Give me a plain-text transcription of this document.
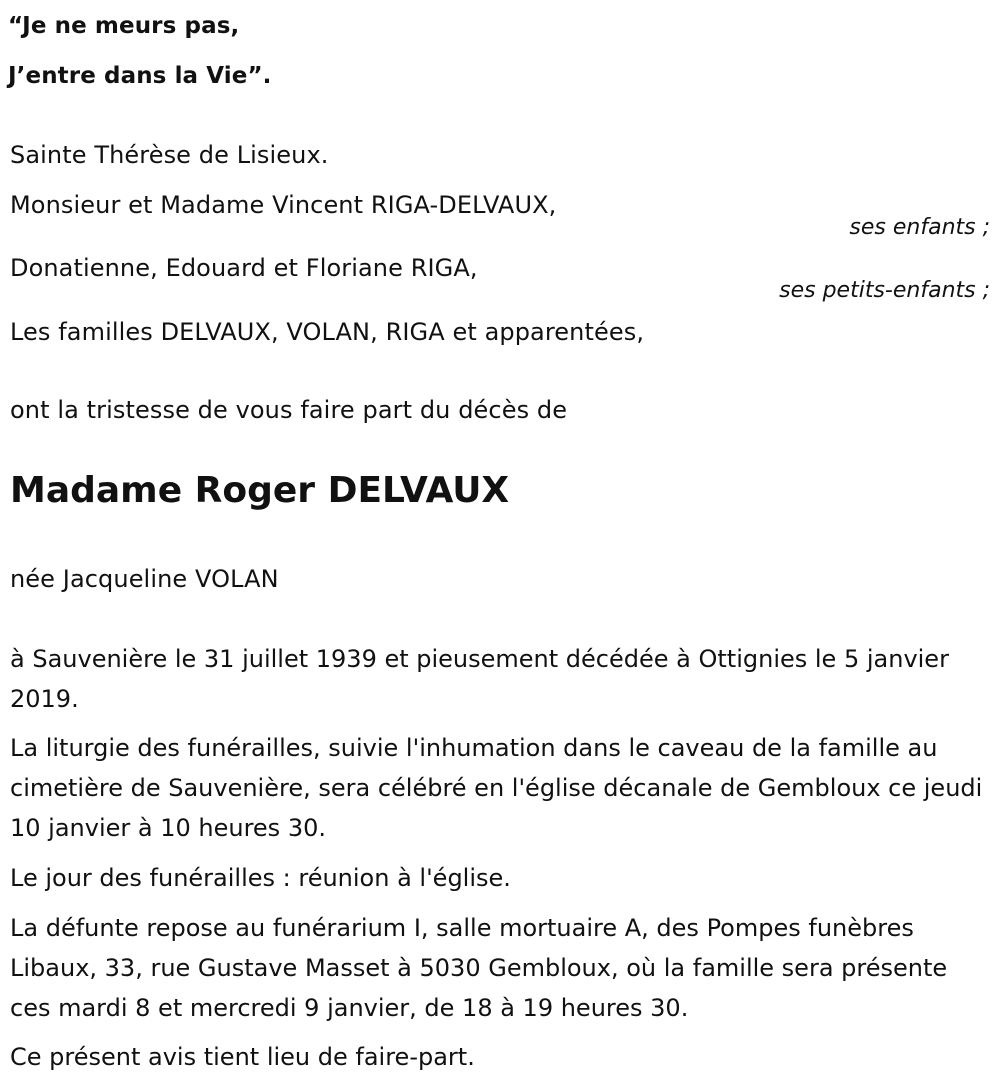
“Je ne meurs pas,
J’entre dans la Vie”.
Sainte Thérèse de Lisieux.
Monsieur et Madame Vincent RIGA-DELVAUX,
ses enfants ;
Donatienne, Edouard et Floriane RIGA,
ses petits-enfants ;
Les familles DELVAUX, VOLAN, RIGA et apparentées,
ont la tristesse de vous faire part du décès de
Madame Roger DELVAUX
née Jacqueline VOLAN
à Sauvenière le 31 juillet 1939 et pieusement décédée à Ottignies le 5 janvier 2019.
La liturgie des funérailles, suivie l'inhumation dans le caveau de la famille au cimetière de Sauvenière, sera célébré en l'église décanale de Gembloux ce jeudi 10 janvier à 10 heures 30.
Le jour des funérailles : réunion à l'église.
La défunte repose au funérarium I, salle mortuaire A, des Pompes funèbres Libaux, 33, rue Gustave Masset à 5030 Gembloux, où la famille sera présente ces mardi 8 et mercredi 9 janvier, de 18 à 19 heures 30.
Ce présent avis tient lieu de faire-part.
